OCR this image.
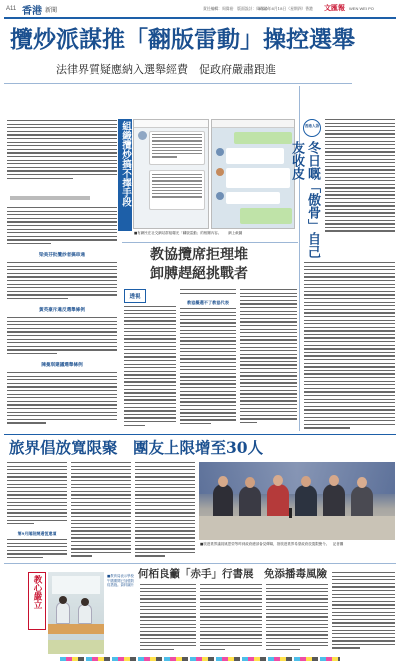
A11 香港 新聞	責任編輯：周偉裕　版面設計：周理浩
2020年6月18日（星期四）香港 文匯報 WEN WEI PO
攬炒派謀推「翻版雷動」操控選舉
法律界質疑應納入選舉經費　促政府嚴肅跟進
組織攬炒搞不擇手段
■有網民在社交網站群組曝光「翻版雷動」的相關內容。　　網上截圖
梁美芬批攬炒者搞串通
黃英豪斥違反選舉條例
陳曼琪建議選舉條例
香港人語
冬日嘅「傲骨」自己友收皮
教協攬席拒理堆
卸膊趕絕挑戰者
透視
教協擬選不了教協代表
旅界倡放寬限聚　團友上限增至30人
第9月階段開通恆達項
■旅遊業界議員姚思榮等昨到政府總部會見傳媒，指旅遊業界希望政府放寬限聚令。　記者攝
何栢良籲「赤手」行書展　免添播毒風險
教心嚴立	■教育局表示學校午膳期間已加強防疫措施。資料圖片
